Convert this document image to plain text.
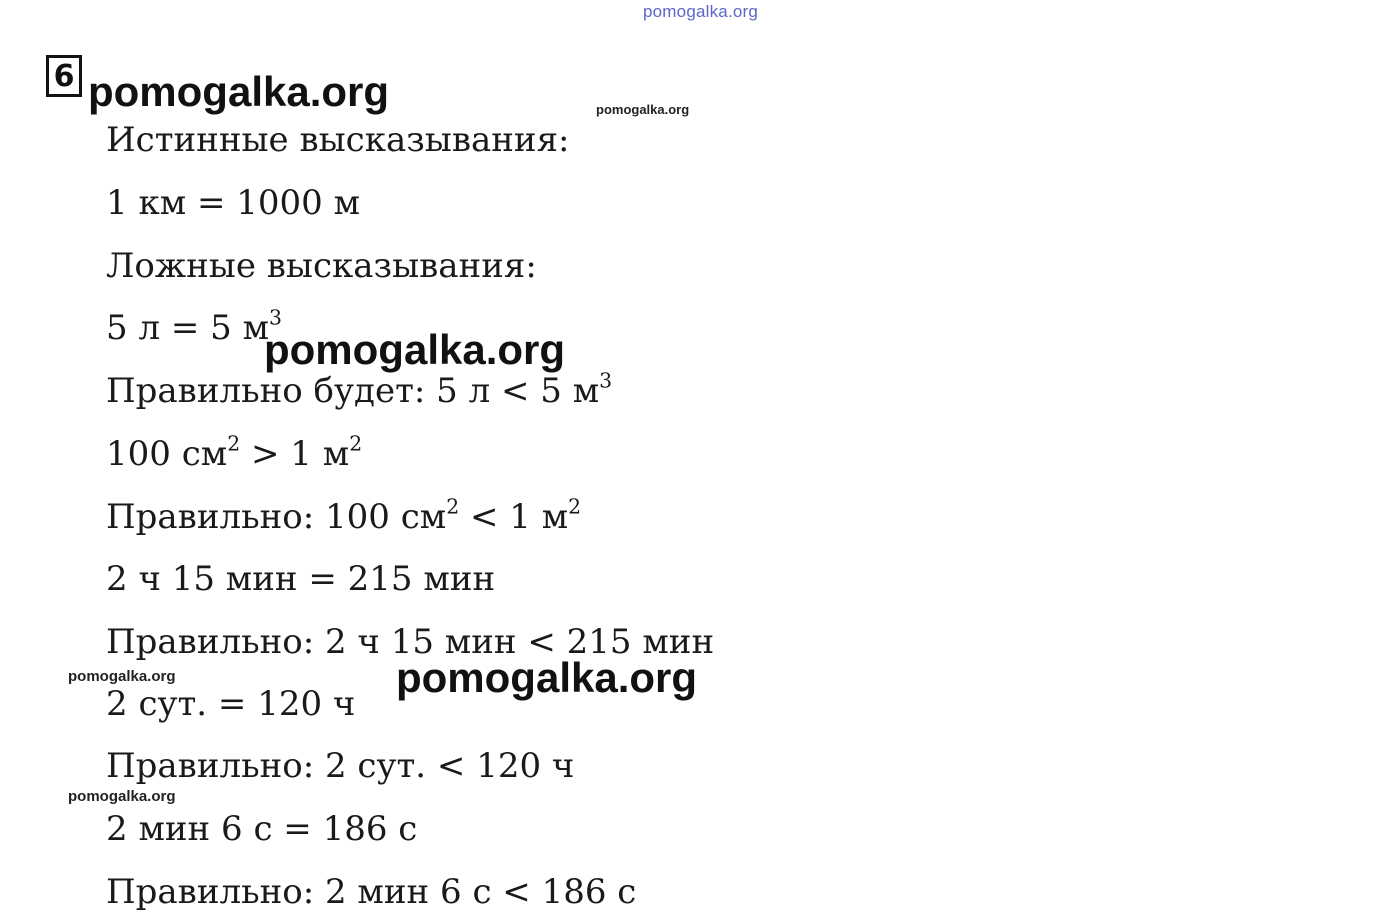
pomogalka.org
6 pomogalka.org	pomogalka.org
Истинные высказывания:
1 км = 1000 м
Ложные высказывания:
5 л = 5 $м^3$
pomogalka.org
Правильно будет: 5 л < 5 $м^3$
100 $см^2 > 1$ $м^2$
Правильно: 100 $см^2 < 1$ $м^2$
2 ч 15 мин = 215 мин
Правильно: 2 ч 15 мин < 215 мин
pomogalka.org	pomogalka.org
2 сут. = 120 ч
Правильно: 2 сут. < 120 ч
pomogalka.org
2 мин 6 с = 186 с
Правильно: 2 мин 6 с < 186 с
